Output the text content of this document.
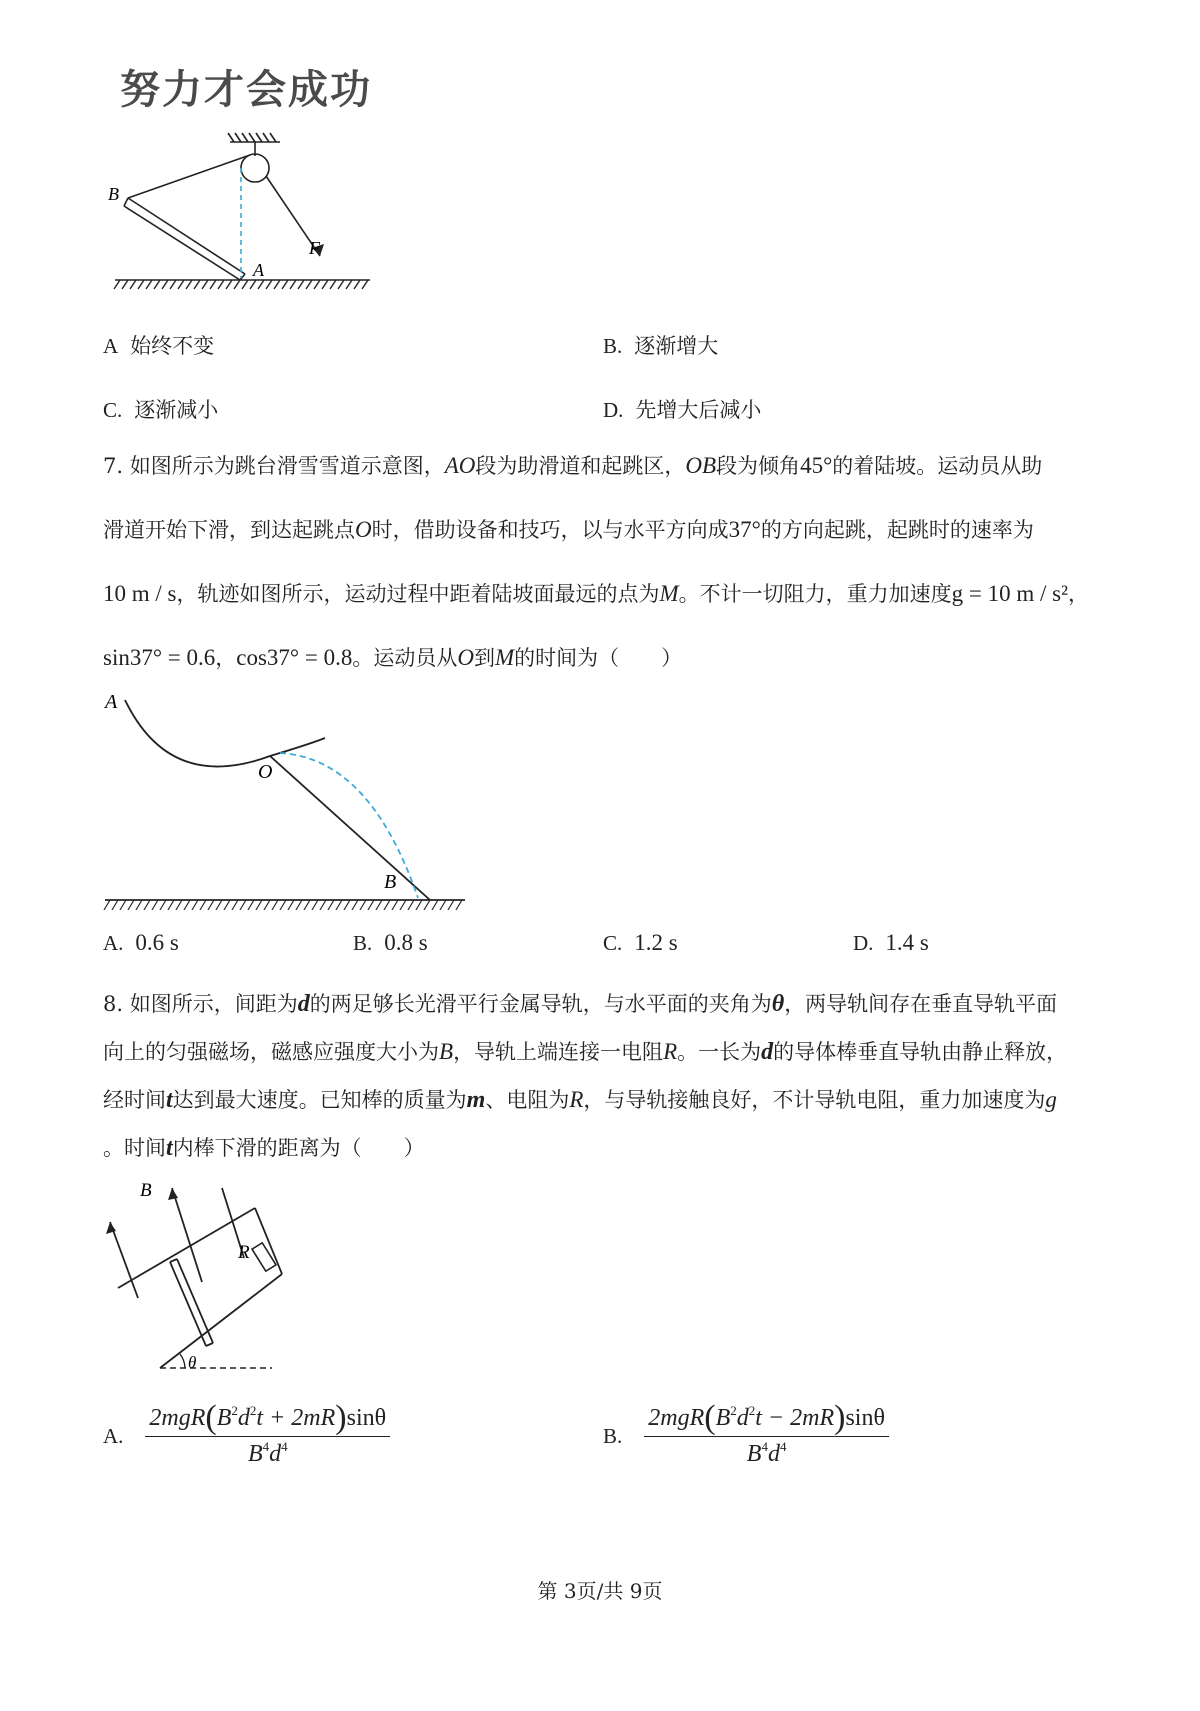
努力才会成功
B
A
F
A 始终不变	B. 逐渐增大
C. 逐渐减小	D. 先增大后减小
7. 如图所示为跳台滑雪雪道示意图，AO段为助滑道和起跳区，OB段为倾角45°的着陆坡。运动员从助
滑道开始下滑，到达起跳点O时，借助设备和技巧，以与水平方向成37°的方向起跳，起跳时的速率为
10 m / s，轨迹如图所示，运动过程中距着陆坡面最远的点为M。不计一切阻力，重力加速度g = 10 m / s²，
sin37° = 0.6，cos37° = 0.8。运动员从O到M的时间为（　　）
A
O
B
A. 0.6 s	B. 0.8 s	C. 1.2 s	D. 1.4 s
8. 如图所示，间距为d的两足够长光滑平行金属导轨，与水平面的夹角为θ，两导轨间存在垂直导轨平面
向上的匀强磁场，磁感应强度大小为B，导轨上端连接一电阻R。一长为d的导体棒垂直导轨由静止释放，
经时间t达到最大速度。已知棒的质量为m、电阻为R，与导轨接触良好，不计导轨电阻，重力加速度为g
。时间t内棒下滑的距离为（　　）
B
R
θ
A. $\frac{2mgR(B^2d^2t + 2mR)\sin\theta}{B^4d^4}$	B. $\frac{2mgR(B^2d^2t - 2mR)\sin\theta}{B^4d^4}$
第 3页/共 9页
